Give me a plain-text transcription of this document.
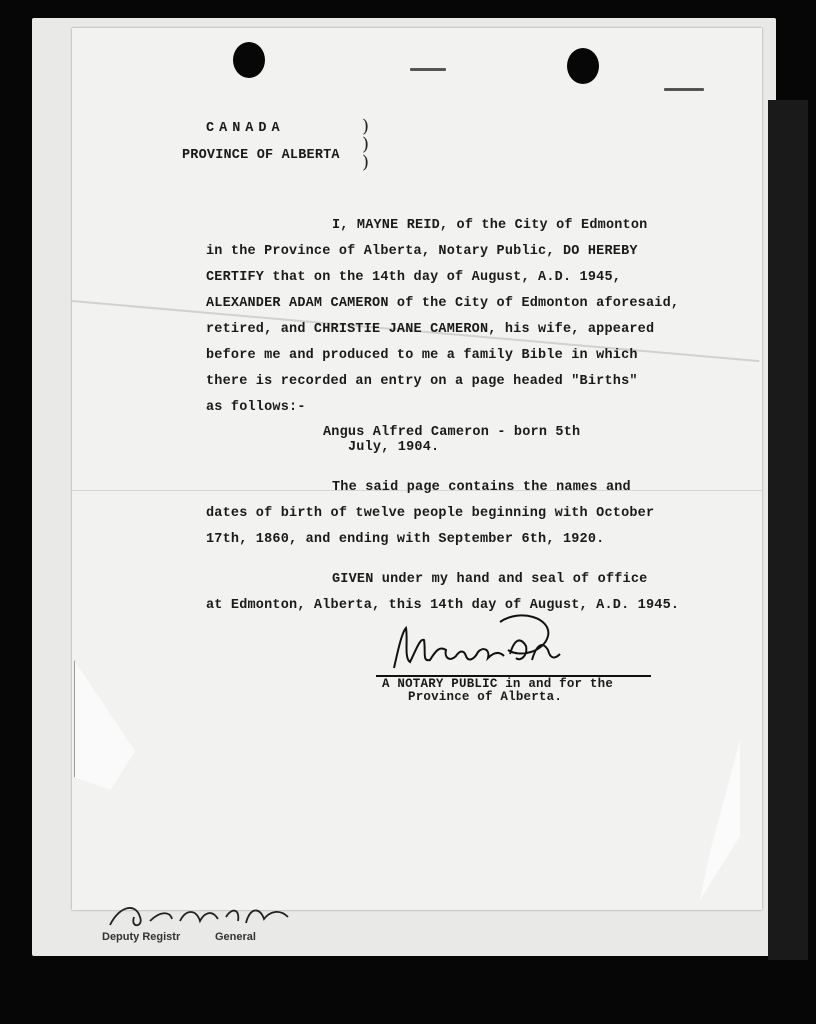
CANADA
PROVINCE OF ALBERTA
)
)
)
I, MAYNE REID, of the City of Edmonton
in the Province of Alberta, Notary Public, DO HEREBY
CERTIFY that on the 14th day of August, A.D. 1945,
ALEXANDER ADAM CAMERON of the City of Edmonton aforesaid,
retired, and CHRISTIE JANE CAMERON, his wife, appeared
before me and produced to me a family Bible in which
there is recorded an entry on a page headed "Births"
as follows:-
Angus Alfred Cameron - born 5th
July, 1904.
The said page contains the names and
dates of birth of twelve people beginning with October
17th, 1860, and ending with September 6th, 1920.
GIVEN under my hand and seal of office
at Edmonton, Alberta, this 14th day of August, A.D. 1945.
A NOTARY PUBLIC in and for the
Province of Alberta.
Deputy Registr	General
